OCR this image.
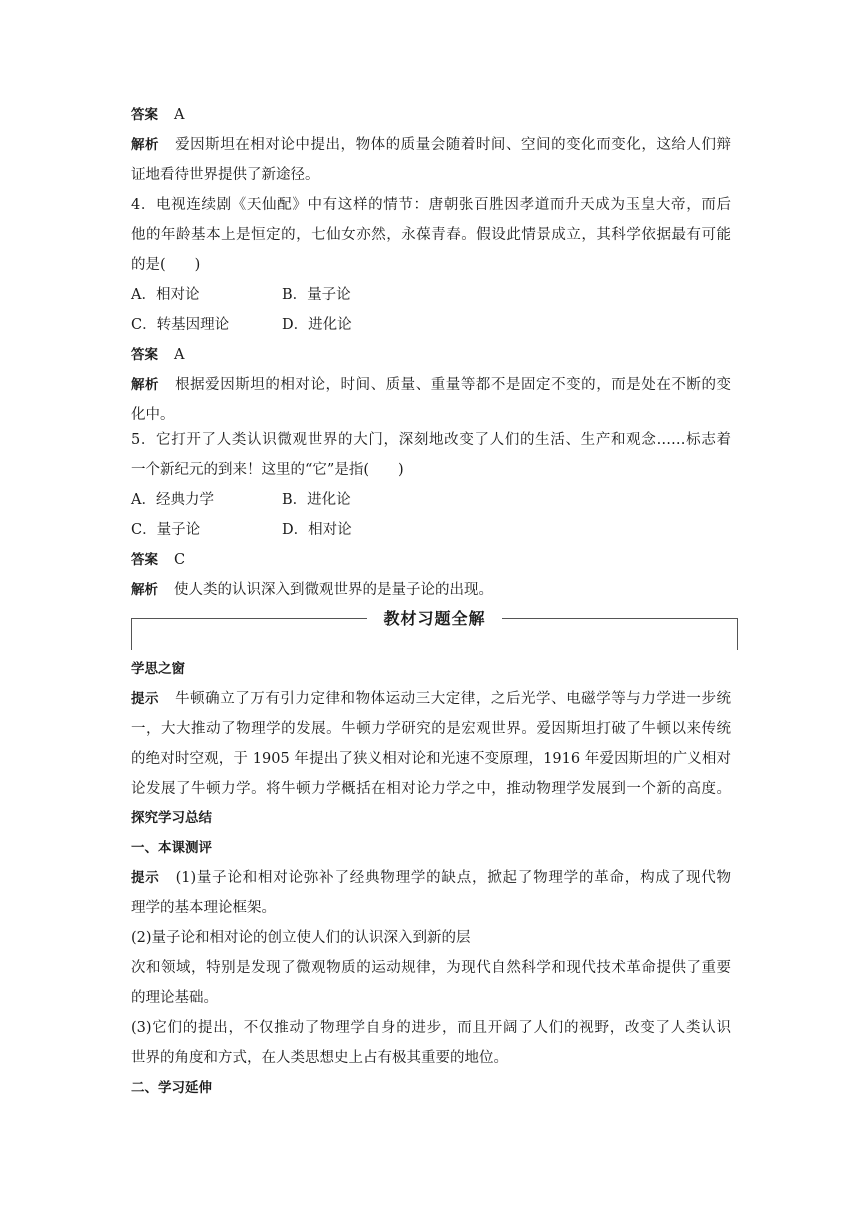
答案 A
解析 爱因斯坦在相对论中提出，物体的质量会随着时间、空间的变化而变化，这给人们辩
证地看待世界提供了新途径。
4．电视连续剧《天仙配》中有这样的情节：唐朝张百胜因孝道而升天成为玉皇大帝，而后
他的年龄基本上是恒定的，七仙女亦然，永葆青春。假设此情景成立，其科学依据最有可能
的是(　　)
A．相对论	B．量子论
C．转基因理论	D．进化论
答案 A
解析 根据爱因斯坦的相对论，时间、质量、重量等都不是固定不变的，而是处在不断的变
化中。
5．它打开了人类认识微观世界的大门，深刻地改变了人们的生活、生产和观念……标志着
一个新纪元的到来！这里的“它”是指(　　)
A．经典力学	B．进化论
C．量子论	D．相对论
答案 C
解析 使人类的认识深入到微观世界的是量子论的出现。
教材习题全解
学思之窗
提示 牛顿确立了万有引力定律和物体运动三大定律，之后光学、电磁学等与力学进一步统
一，大大推动了物理学的发展。牛顿力学研究的是宏观世界。爱因斯坦打破了牛顿以来传统
的绝对时空观，于 1905 年提出了狭义相对论和光速不变原理，1916 年爱因斯坦的广义相对
论发展了牛顿力学。将牛顿力学概括在相对论力学之中，推动物理学发展到一个新的高度。
探究学习总结
一、本课测评
提示 (1)量子论和相对论弥补了经典物理学的缺点，掀起了物理学的革命，构成了现代物
理学的基本理论框架。
(2)量子论和相对论的创立使人们的认识深入到新的层
次和领域，特别是发现了微观物质的运动规律，为现代自然科学和现代技术革命提供了重要
的理论基础。
(3)它们的提出，不仅推动了物理学自身的进步，而且开阔了人们的视野，改变了人类认识
世界的角度和方式，在人类思想史上占有极其重要的地位。
二、学习延伸
